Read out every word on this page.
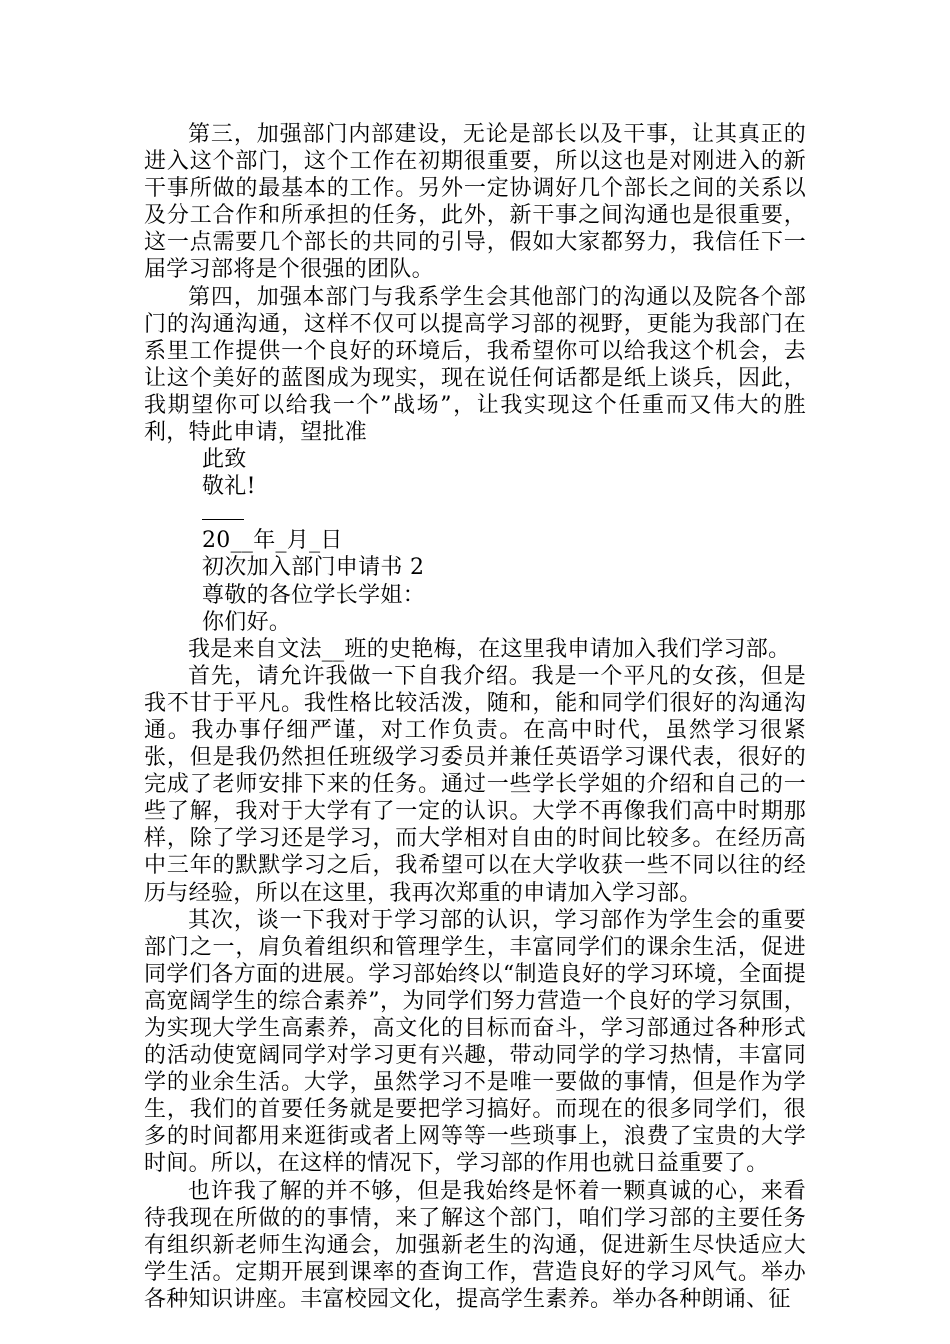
第三，加强部门内部建设，无论是部长以及干事，让其真正的进入这个部门，这个工作在初期很重要，所以这也是对刚进入的新干事所做的最基本的工作。另外一定协调好几个部长之间的关系以及分工合作和所承担的任务，此外，新干事之间沟通也是很重要，这一点需要几个部长的共同的引导，假如大家都努力，我信任下一届学习部将是个很强的团队。

第四，加强本部门与我系学生会其他部门的沟通以及院各个部门的沟通沟通，这样不仅可以提高学习部的视野，更能为我部门在系里工作提供一个良好的环境后，我希望你可以给我这个机会，去让这个美好的蓝图成为现实，现在说任何话都是纸上谈兵，因此，我期望你可以给我一个”战场”，让我实现这个任重而又伟大的胜利，特此申请，望批准

此致

敬礼!

20__年_月_日

初次加入部门申请书 2

尊敬的各位学长学姐：

你们好。

我是来自文法__班的史艳梅，在这里我申请加入我们学习部。

首先，请允许我做一下自我介绍。我是一个平凡的女孩，但是我不甘于平凡。我性格比较活泼，随和，能和同学们很好的沟通沟通。我办事仔细严谨，对工作负责。在高中时代，虽然学习很紧张，但是我仍然担任班级学习委员并兼任英语学习课代表，很好的完成了老师安排下来的任务。通过一些学长学姐的介绍和自己的一些了解，我对于大学有了一定的认识。大学不再像我们高中时期那样，除了学习还是学习，而大学相对自由的时间比较多。在经历高中三年的默默学习之后，我希望可以在大学收获一些不同以往的经历与经验，所以在这里，我再次郑重的申请加入学习部。

其次，谈一下我对于学习部的认识，学习部作为学生会的重要部门之一，肩负着组织和管理学生，丰富同学们的课余生活，促进同学们各方面的进展。学习部始终以“制造良好的学习环境，全面提高宽阔学生的综合素养”，为同学们努力营造一个良好的学习氛围，为实现大学生高素养，高文化的目标而奋斗，学习部通过各种形式的活动使宽阔同学对学习更有兴趣，带动同学的学习热情，丰富同学的业余生活。大学，虽然学习不是唯一要做的事情，但是作为学生，我们的首要任务就是要把学习搞好。而现在的很多同学们，很多的时间都用来逛街或者上网等等一些琐事上，浪费了宝贵的大学时间。所以，在这样的情况下，学习部的作用也就日益重要了。

也许我了解的并不够，但是我始终是怀着一颗真诚的心，来看待我现在所做的的事情，来了解这个部门，咱们学习部的主要任务有组织新老师生沟通会，加强新老生的沟通，促进新生尽快适应大学生活。定期开展到课率的查询工作，营造良好的学习风气。举办各种知识讲座。丰富校园文化，提高学生素养。举办各种朗诵、征
